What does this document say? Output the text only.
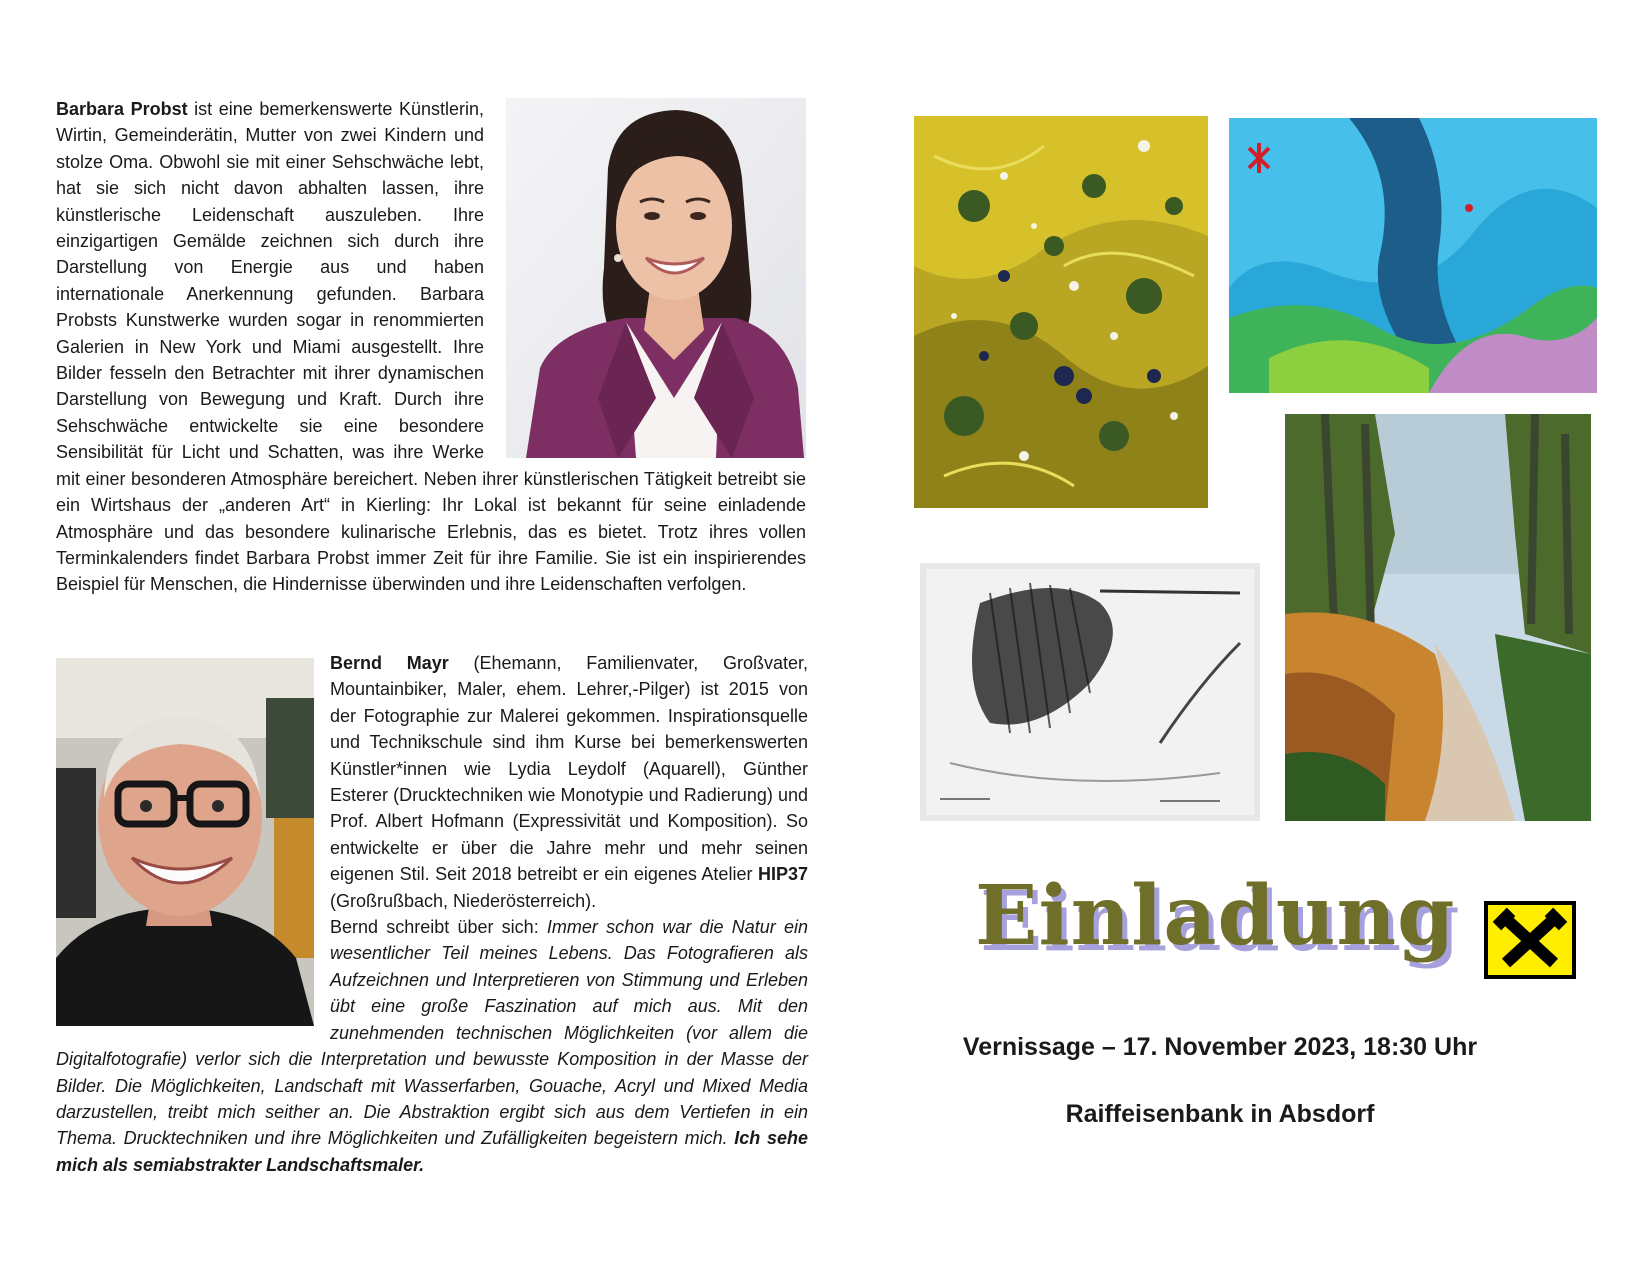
Barbara Probst ist eine bemerkenswerte Künstlerin, Wirtin, Gemeinderätin, Mutter von zwei Kindern und stolze Oma. Obwohl sie mit einer Sehschwäche lebt, hat sie sich nicht davon abhalten lassen, ihre künstlerische Leidenschaft auszuleben. Ihre einzigartigen Gemälde zeichnen sich durch ihre Darstellung von Energie aus und haben internationale Anerkennung gefunden. Barbara Probsts Kunstwerke wurden sogar in renommierten Galerien in New York und Miami ausgestellt. Ihre Bilder fesseln den Betrachter mit ihrer dynamischen Darstellung von Bewegung und Kraft. Durch ihre Sehschwäche entwickelte sie eine besondere Sensibilität für Licht und Schatten, was ihre Werke mit einer besonderen Atmosphäre bereichert. Neben ihrer künstlerischen Tätigkeit betreibt sie ein Wirtshaus der „anderen Art“ in Kierling: Ihr Lokal ist bekannt für seine einladende Atmosphäre und das besondere kulinarische Erlebnis, das es bietet. Trotz ihres vollen Terminkalenders findet Barbara Probst immer Zeit für ihre Familie. Sie ist ein inspirierendes Beispiel für Menschen, die Hindernisse überwinden und ihre Leidenschaften verfolgen.

Bernd Mayr (Ehemann, Familienvater, Großvater, Mountainbiker, Maler, ehem. Lehrer,-Pilger) ist 2015 von der Fotographie zur Malerei gekommen. Inspirationsquelle und Technikschule sind ihm Kurse bei bemerkenswerten Künstler*innen wie Lydia Leydolf (Aquarell), Günther Esterer (Drucktechniken wie Monotypie und Radierung) und Prof. Albert Hofmann (Expressivität und Komposition). So entwickelte er über die Jahre mehr und mehr seinen eigenen Stil. Seit 2018 betreibt er ein eigenes Atelier HIP37 (Großrußbach, Niederösterreich).
Bernd schreibt über sich: Immer schon war die Natur ein wesentlicher Teil meines Lebens. Das Fotografieren als Aufzeichnen und Interpretieren von Stimmung und Erleben übt eine große Faszination auf mich aus. Mit den zunehmenden technischen Möglichkeiten (vor allem die Digitalfotografie) verlor sich die Interpretation und bewusste Komposition in der Masse der Bilder. Die Möglichkeiten, Landschaft mit Wasserfarben, Gouache, Acryl und Mixed Media darzustellen, treibt mich seither an. Die Abstraktion ergibt sich aus dem Vertiefen in ein Thema. Drucktechniken und ihre Möglichkeiten und Zufälligkeiten begeistern mich. Ich sehe mich als semiabstrakter Landschaftsmaler.

Einladung
Vernissage – 17. November 2023, 18:30 Uhr
Raiffeisenbank in Absdorf
